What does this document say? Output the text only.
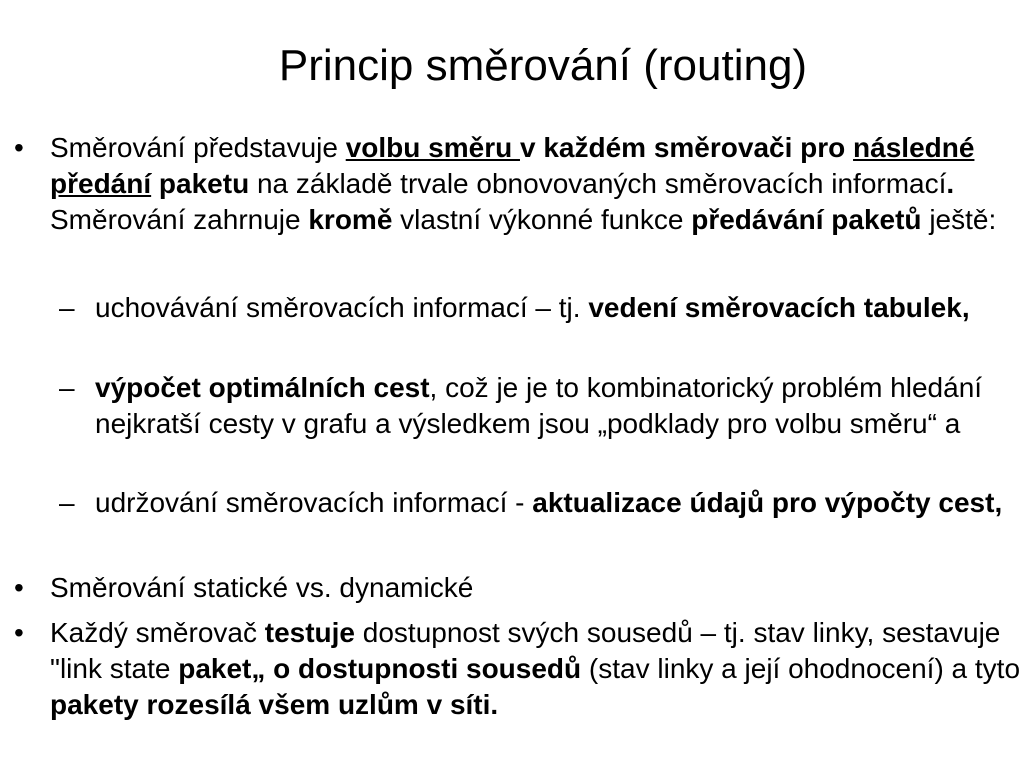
Princip směrování (routing)
• Směrování představuje volbu směru v každém směrovači pro následné předání paketu na základě trvale obnovovaných směrovacích informací. Směrování zahrnuje kromě vlastní výkonné funkce předávání paketů ještě:
– uchovávání směrovacích informací – tj. vedení směrovacích tabulek,
– výpočet optimálních cest, což je je to kombinatorický problém hledání nejkratší cesty v grafu a výsledkem jsou „podklady pro volbu směru“ a
– udržování směrovacích informací - aktualizace údajů pro výpočty cest,
• Směrování statické vs. dynamické
• Každý směrovač testuje dostupnost svých sousedů – tj. stav linky, sestavuje "link state paket„ o dostupnosti sousedů (stav linky a její ohodnocení) a tyto pakety rozesílá všem uzlům v síti.
